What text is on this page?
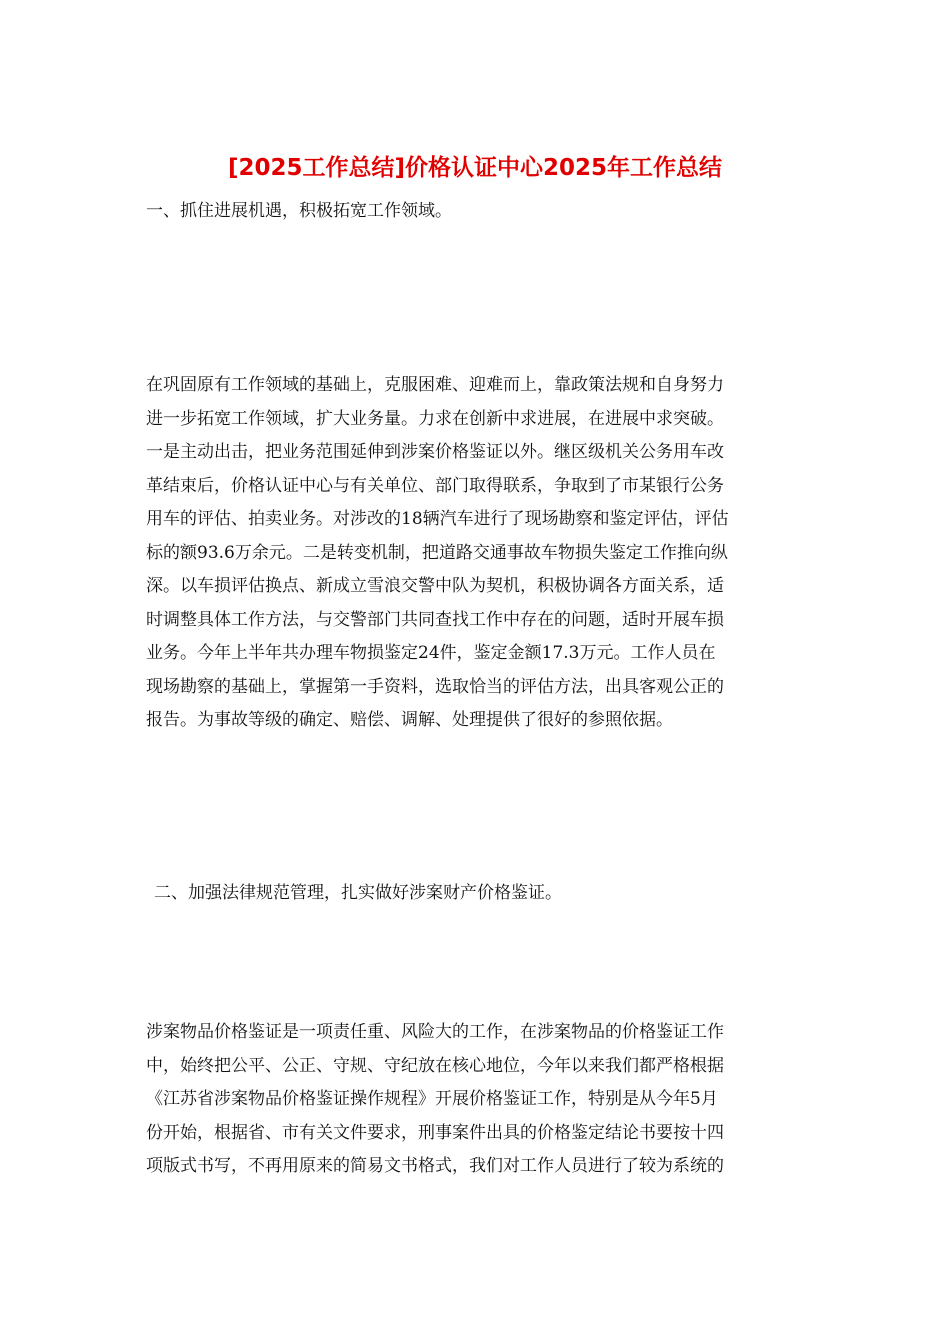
[2025工作总结]价格认证中心2025年工作总结
一、抓住进展机遇，积极拓宽工作领域。
在巩固原有工作领域的基础上，克服困难、迎难而上，靠政策法规和自身努力
进一步拓宽工作领域，扩大业务量。力求在创新中求进展，在进展中求突破。
一是主动出击，把业务范围延伸到涉案价格鉴证以外。继区级机关公务用车改
革结束后，价格认证中心与有关单位、部门取得联系，争取到了市某银行公务
用车的评估、拍卖业务。对涉改的18辆汽车进行了现场勘察和鉴定评估，评估
标的额93.6万余元。二是转变机制，把道路交通事故车物损失鉴定工作推向纵
深。以车损评估换点、新成立雪浪交警中队为契机，积极协调各方面关系，适
时调整具体工作方法，与交警部门共同查找工作中存在的问题，适时开展车损
业务。今年上半年共办理车物损鉴定24件，鉴定金额17.3万元。工作人员在
现场勘察的基础上，掌握第一手资料，选取恰当的评估方法，出具客观公正的
报告。为事故等级的确定、赔偿、调解、处理提供了很好的参照依据。
二、加强法律规范管理，扎实做好涉案财产价格鉴证。
涉案物品价格鉴证是一项责任重、风险大的工作，在涉案物品的价格鉴证工作
中，始终把公平、公正、守规、守纪放在核心地位，今年以来我们都严格根据
《江苏省涉案物品价格鉴证操作规程》开展价格鉴证工作，特别是从今年5月
份开始，根据省、市有关文件要求，刑事案件出具的价格鉴定结论书要按十四
项版式书写，不再用原来的简易文书格式，我们对工作人员进行了较为系统的
